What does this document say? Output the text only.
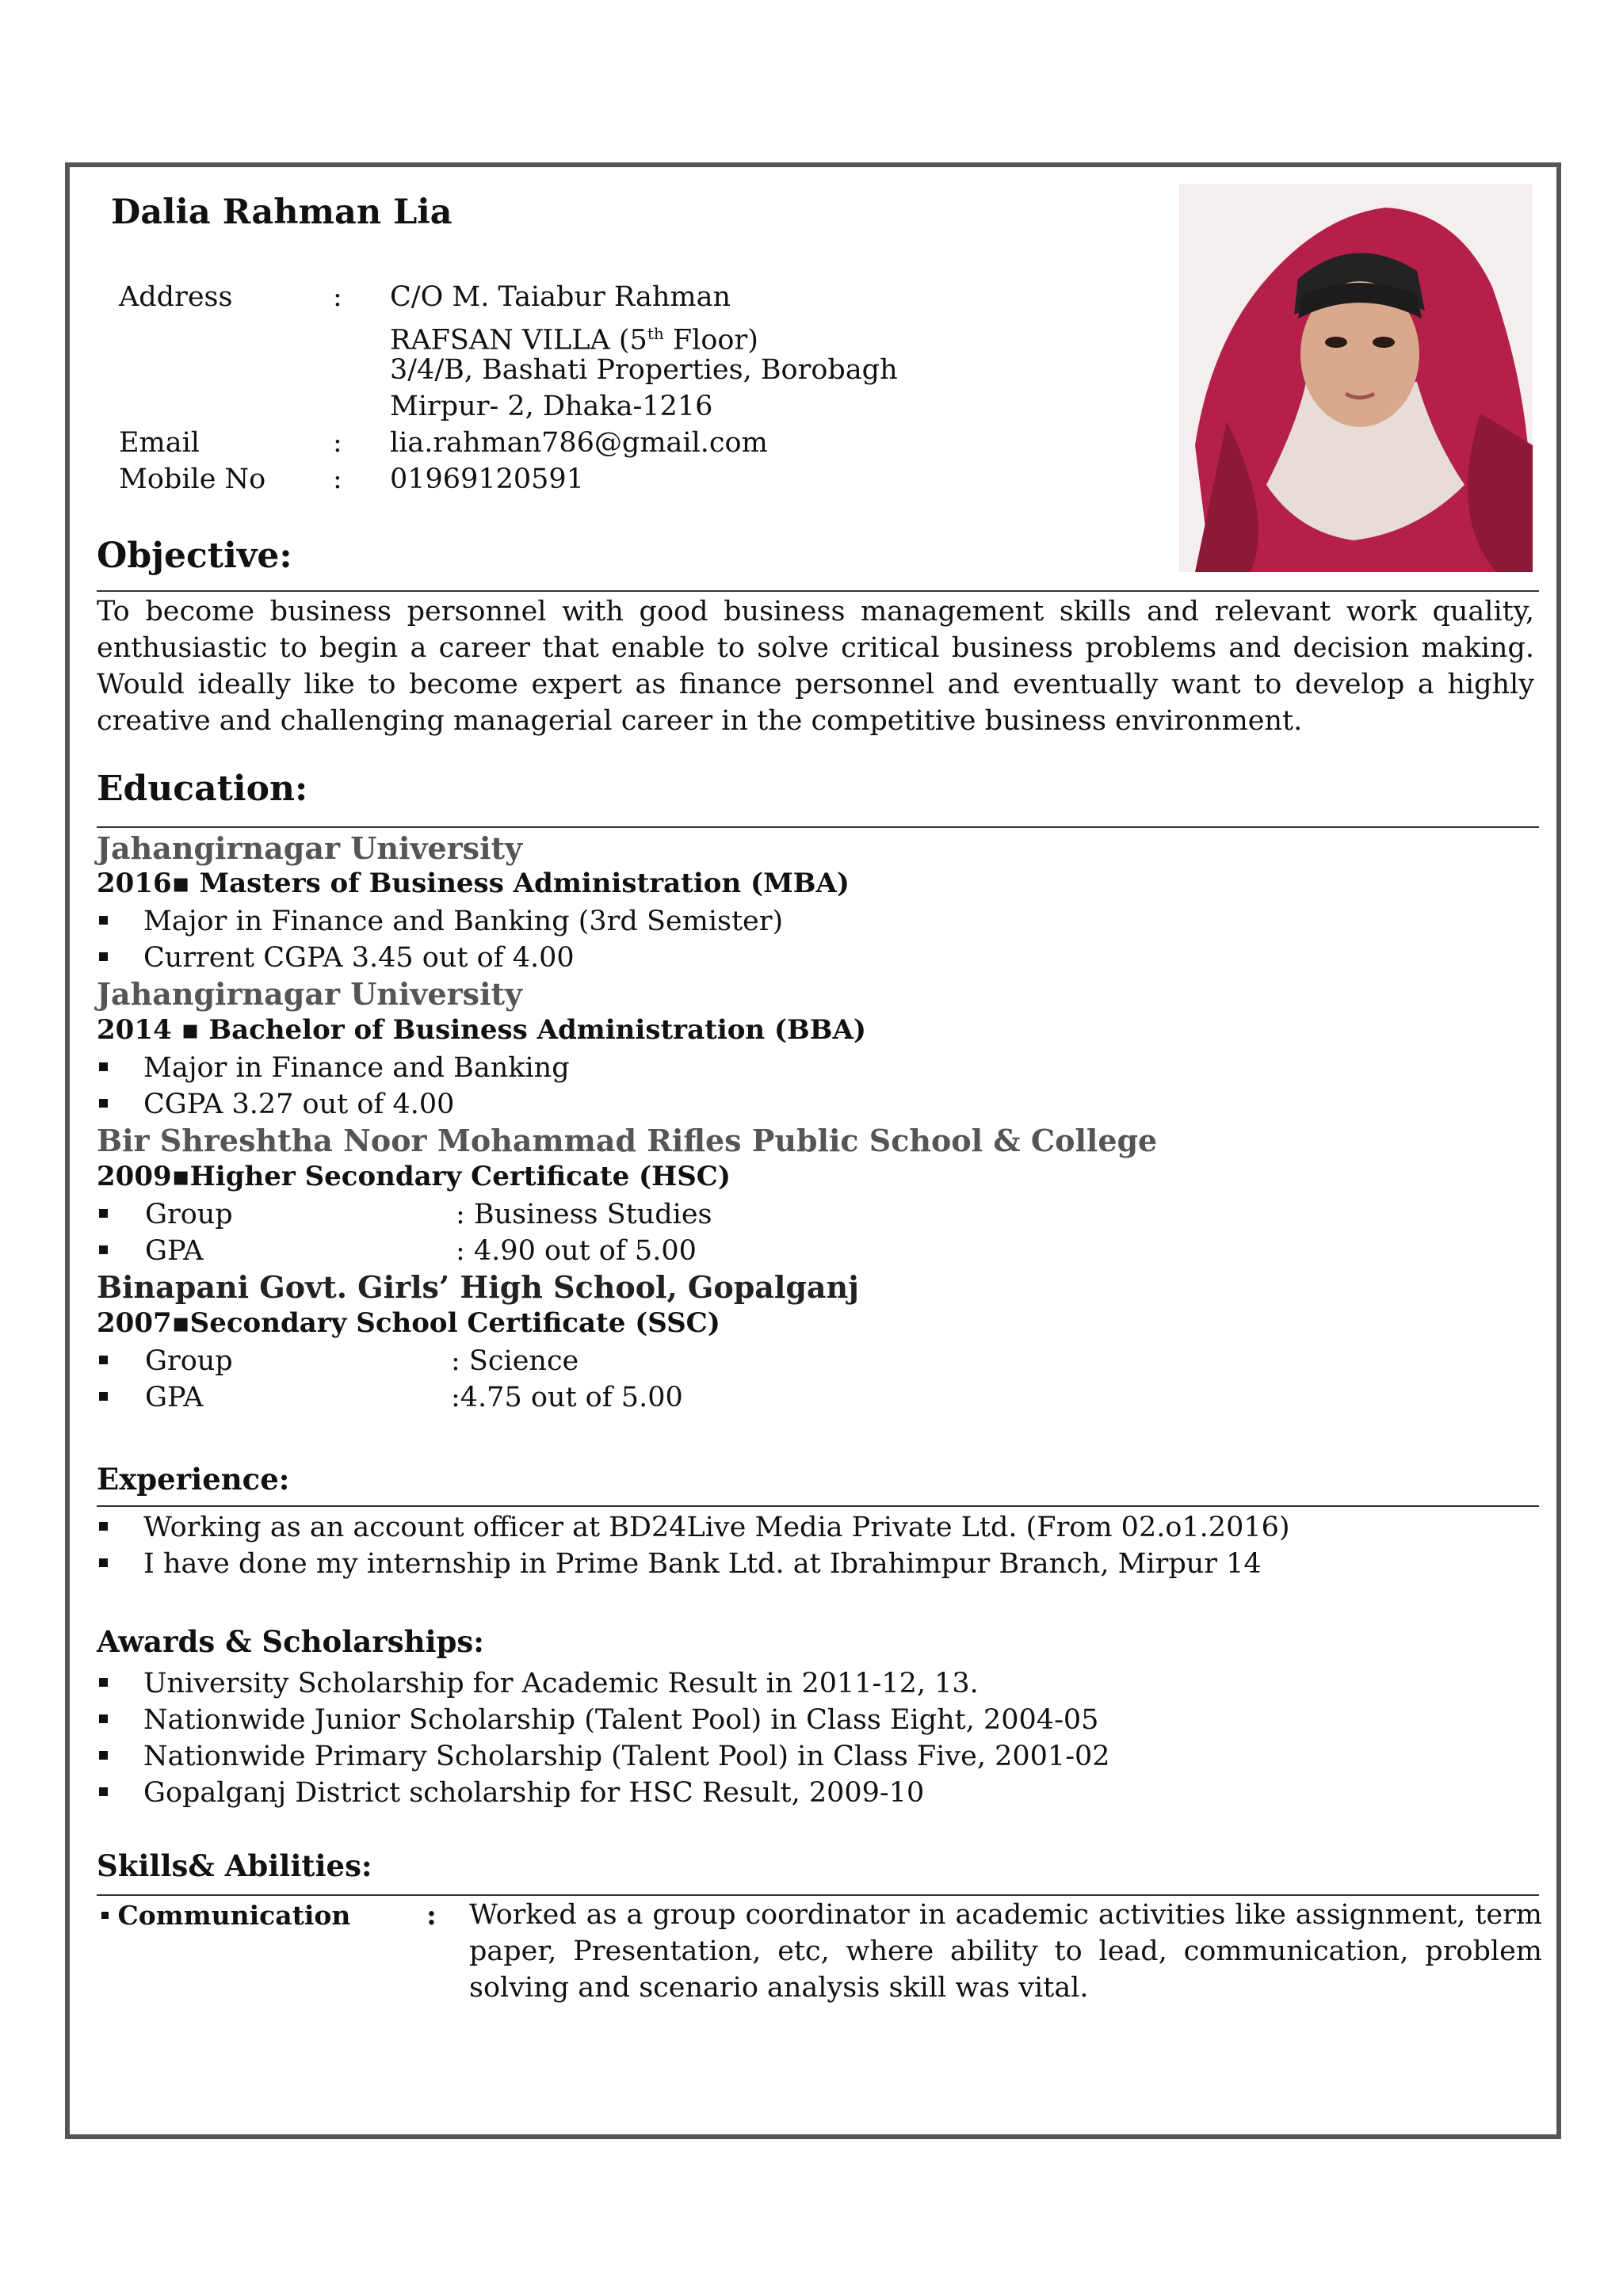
Dalia Rahman Lia
Address	: C/O M. Taiabur Rahman
RAFSAN VILLA (5th Floor)
3/4/B, Bashati Properties, Borobagh
Mirpur- 2, Dhaka-1216
Email	: lia.rahman786@gmail.com
Mobile No : 01969120591
Objective:
To become business personnel with good business management skills and relevant work quality, enthusiastic to begin a career that enable to solve critical business problems and decision making. Would ideally like to become expert as finance personnel and eventually want to develop a highly creative and challenging managerial career in the competitive business environment.
Education:
Jahangirnagar University
2016▪ Masters of Business Administration (MBA)
Major in Finance and Banking (3rd Semister)
Current CGPA 3.45 out of 4.00
Jahangirnagar University
2014 ▪ Bachelor of Business Administration (BBA)
Major in Finance and Banking
CGPA 3.27 out of 4.00
Bir Shreshtha Noor Mohammad Rifles Public School & College
2009▪Higher Secondary Certificate (HSC)
Group	: Business Studies
GPA	: 4.90 out of 5.00
Binapani Govt. Girls’ High School, Gopalganj
2007▪Secondary School Certificate (SSC)
Group	: Science
GPA	:4.75 out of 5.00
Experience:
Working as an account officer at BD24Live Media Private Ltd. (From 02.o1.2016)
I have done my internship in Prime Bank Ltd. at Ibrahimpur Branch, Mirpur 14
Awards & Scholarships:
University Scholarship for Academic Result in 2011-12, 13.
Nationwide Junior Scholarship (Talent Pool) in Class Eight, 2004-05
Nationwide Primary Scholarship (Talent Pool) in Class Five, 2001-02
Gopalganj District scholarship for HSC Result, 2009-10
Skills& Abilities:
Communication	: Worked as a group coordinator in academic activities like assignment, term paper, Presentation, etc, where ability to lead, communication, problem solving and scenario analysis skill was vital.
